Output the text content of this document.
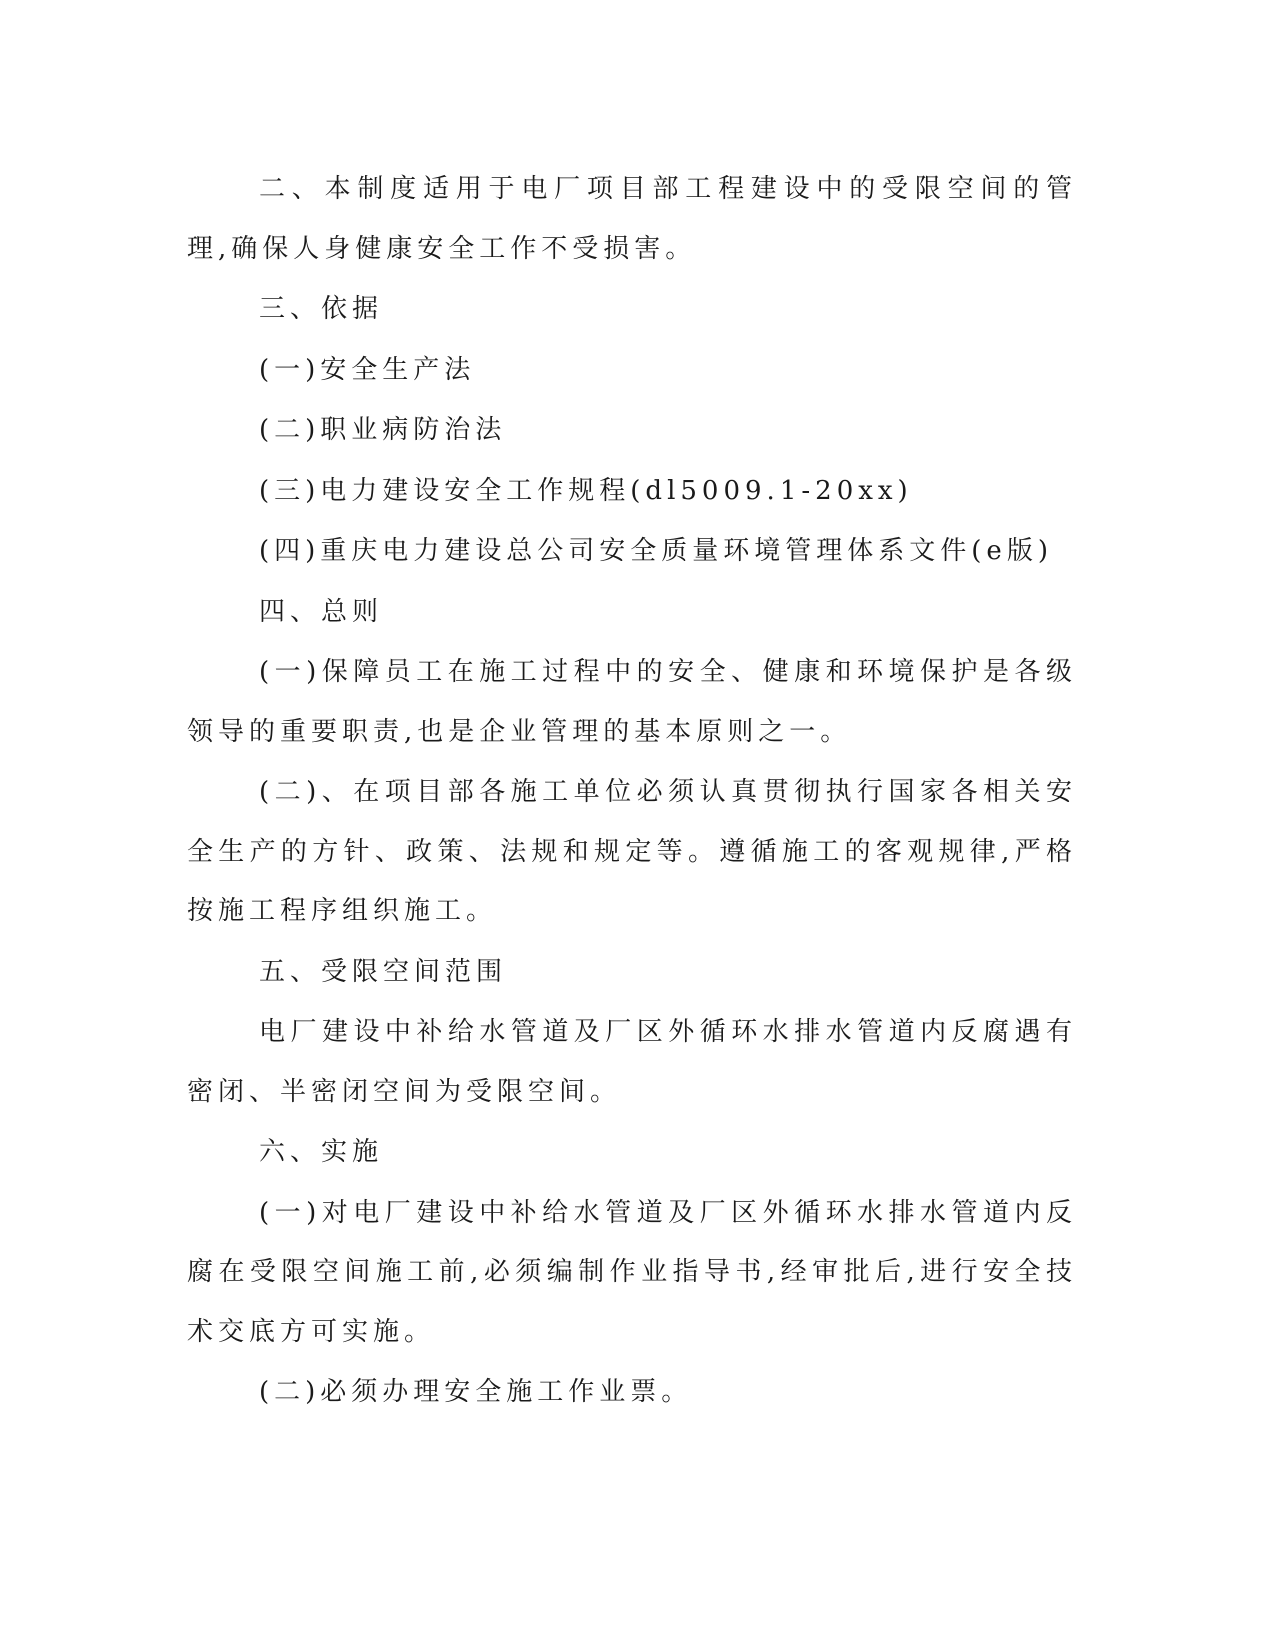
二、本制度适用于电厂项目部工程建设中的受限空间的管理,确保人身健康安全工作不受损害。

三、依据

(一)安全生产法

(二)职业病防治法

(三)电力建设安全工作规程(dl5009.1-20xx)

(四)重庆电力建设总公司安全质量环境管理体系文件(e版)

四、总则

(一)保障员工在施工过程中的安全、健康和环境保护是各级领导的重要职责,也是企业管理的基本原则之一。

(二)、在项目部各施工单位必须认真贯彻执行国家各相关安全生产的方针、政策、法规和规定等。遵循施工的客观规律,严格按施工程序组织施工。

五、受限空间范围

电厂建设中补给水管道及厂区外循环水排水管道内反腐遇有密闭、半密闭空间为受限空间。

六、实施

(一)对电厂建设中补给水管道及厂区外循环水排水管道内反腐在受限空间施工前,必须编制作业指导书,经审批后,进行安全技术交底方可实施。

(二)必须办理安全施工作业票。
